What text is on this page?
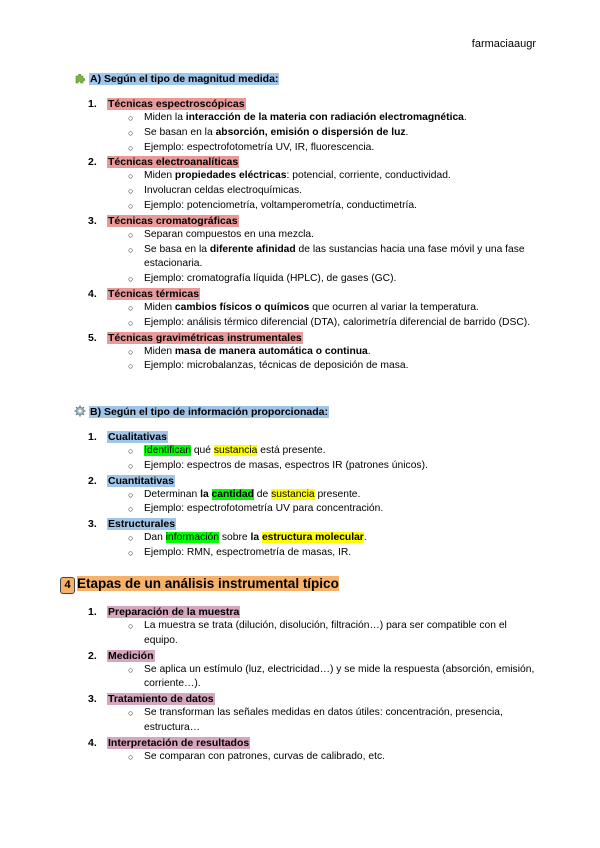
farmaciaaugr
A) Según el tipo de magnitud medida:
1. Técnicas espectroscópicas
○ Miden la interacción de la materia con radiación electromagnética.
○ Se basan en la absorción, emisión o dispersión de luz.
○ Ejemplo: espectrofotometría UV, IR, fluorescencia.
2. Técnicas electroanalíticas
○ Miden propiedades eléctricas: potencial, corriente, conductividad.
○ Involucran celdas electroquímicas.
○ Ejemplo: potenciometría, voltamperometría, conductimetría.
3. Técnicas cromatográficas
○ Separan compuestos en una mezcla.
○ Se basa en la diferente afinidad de las sustancias hacia una fase móvil y una fase estacionaria.
○ Ejemplo: cromatografía líquida (HPLC), de gases (GC).
4. Técnicas térmicas
○ Miden cambios físicos o químicos que ocurren al variar la temperatura.
○ Ejemplo: análisis térmico diferencial (DTA), calorimetría diferencial de barrido (DSC).
5. Técnicas gravimétricas instrumentales
○ Miden masa de manera automática o continua.
○ Ejemplo: microbalanzas, técnicas de deposición de masa.
B) Según el tipo de información proporcionada:
1. Cualitativas
○ Identifican qué sustancia está presente.
○ Ejemplo: espectros de masas, espectros IR (patrones únicos).
2. Cuantitativas
○ Determinan la cantidad de sustancia presente.
○ Ejemplo: espectrofotometría UV para concentración.
3. Estructurales
○ Dan información sobre la estructura molecular.
○ Ejemplo: RMN, espectrometría de masas, IR.
4 Etapas de un análisis instrumental típico
1. Preparación de la muestra
○ La muestra se trata (dilución, disolución, filtración…) para ser compatible con el equipo.
2. Medición
○ Se aplica un estímulo (luz, electricidad…) y se mide la respuesta (absorción, emisión, corriente…).
3. Tratamiento de datos
○ Se transforman las señales medidas en datos útiles: concentración, presencia, estructura…
4. Interpretación de resultados
○ Se comparan con patrones, curvas de calibrado, etc.
